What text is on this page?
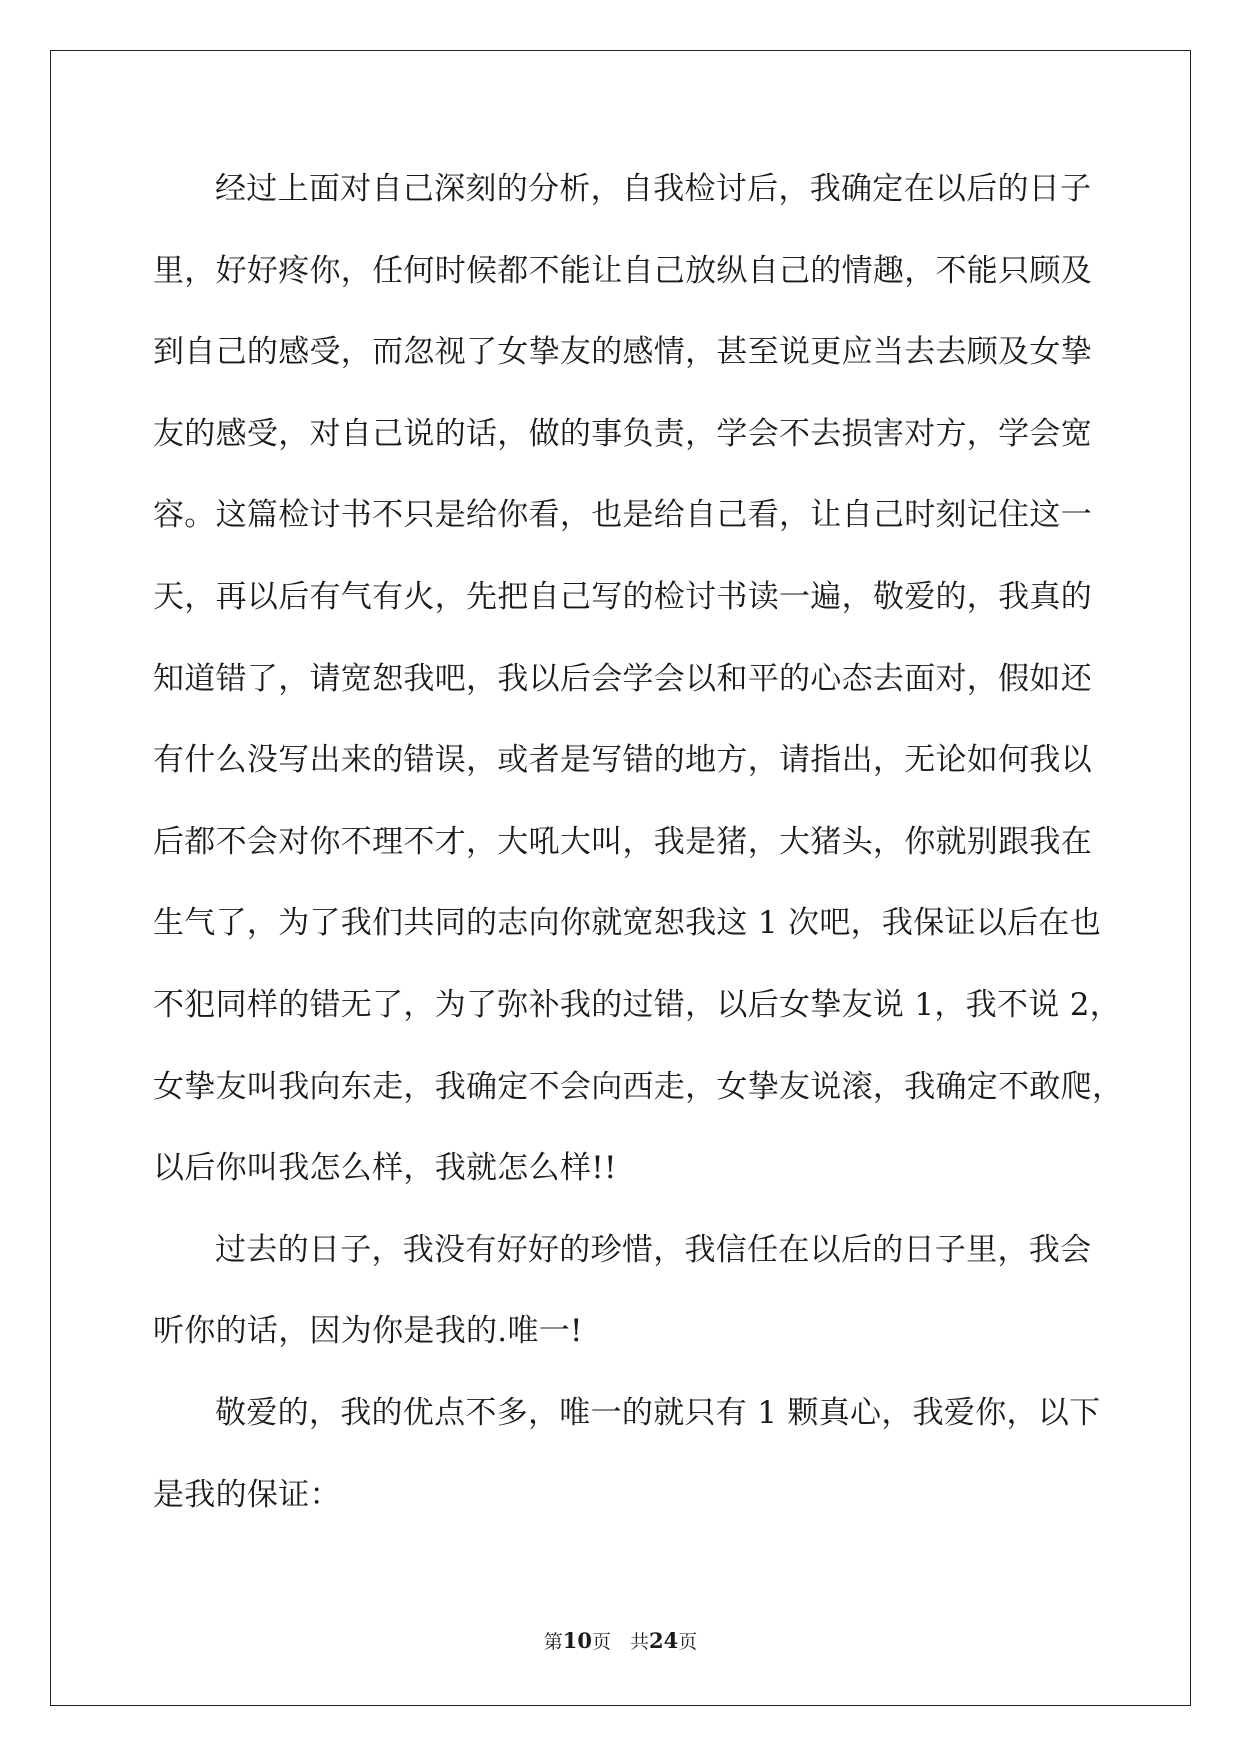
经过上面对自己深刻的分析，自我检讨后，我确定在以后的日子
里，好好疼你，任何时候都不能让自己放纵自己的情趣，不能只顾及
到自己的感受，而忽视了女挚友的感情，甚至说更应当去去顾及女挚
友的感受，对自己说的话，做的事负责，学会不去损害对方，学会宽
容。这篇检讨书不只是给你看，也是给自己看，让自己时刻记住这一
天，再以后有气有火，先把自己写的检讨书读一遍，敬爱的，我真的
知道错了，请宽恕我吧，我以后会学会以和平的心态去面对，假如还
有什么没写出来的错误，或者是写错的地方，请指出，无论如何我以
后都不会对你不理不才，大吼大叫，我是猪，大猪头，你就别跟我在
生气了，为了我们共同的志向你就宽恕我这 1 次吧，我保证以后在也
不犯同样的错无了，为了弥补我的过错，以后女挚友说 1，我不说 2，
女挚友叫我向东走，我确定不会向西走，女挚友说滚，我确定不敢爬，
以后你叫我怎么样，我就怎么样!!
过去的日子，我没有好好的珍惜，我信任在以后的日子里，我会
听你的话，因为你是我的.唯一!
敬爱的，我的优点不多，唯一的就只有 1 颗真心，我爱你，以下
是我的保证：
第10页　共24页
